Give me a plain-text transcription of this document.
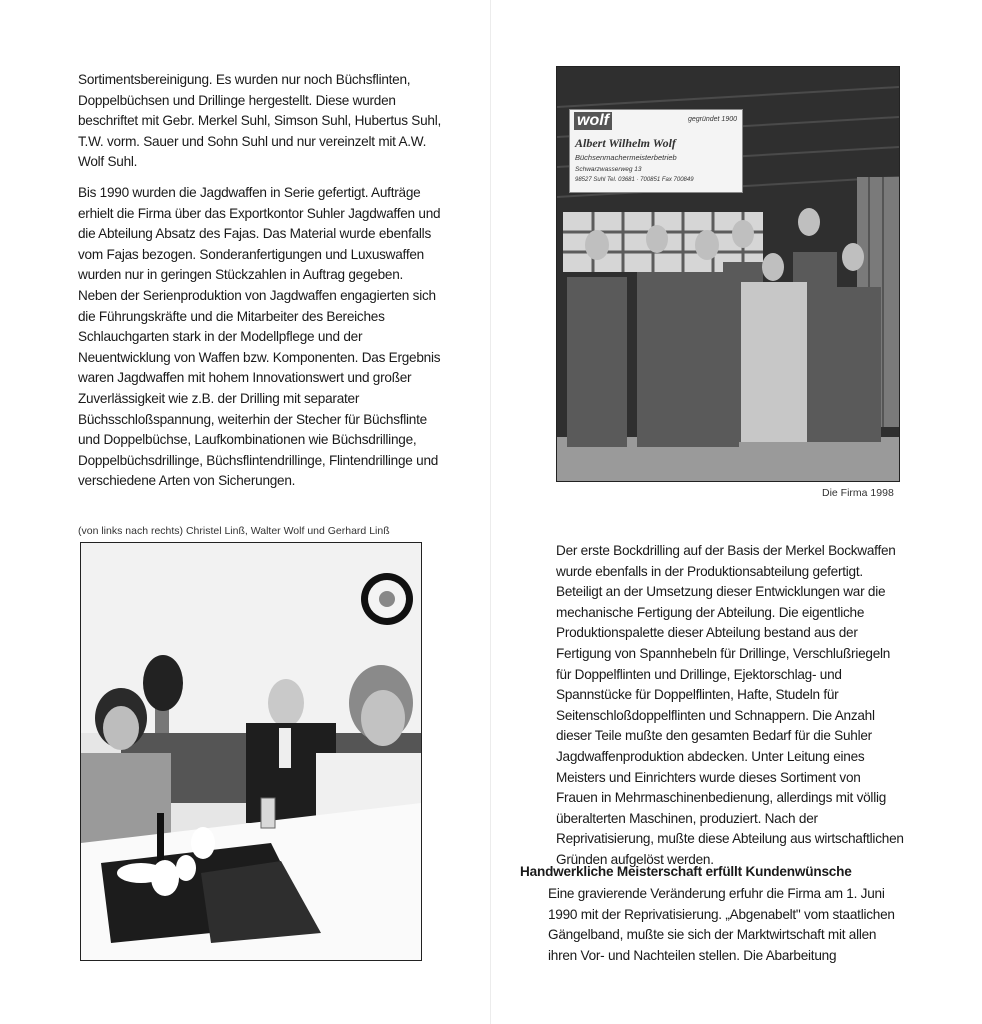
Sortimentsbereinigung. Es wurden nur noch Büchsflinten, Doppelbüchsen und Drillinge hergestellt. Diese wurden beschriftet mit Gebr. Merkel Suhl, Simson Suhl, Hubertus Suhl, T.W. vorm. Sauer und Sohn Suhl und nur vereinzelt mit A.W. Wolf Suhl.

Bis 1990 wurden die Jagdwaffen in Serie gefertigt. Aufträge erhielt die Firma über das Exportkontor Suhler Jagdwaffen und die Abteilung Absatz des Fajas. Das Material wurde ebenfalls vom Fajas bezogen. Sonderanfertigungen und Luxuswaffen wurden nur in geringen Stückzahlen in Auftrag gegeben. Neben der Serienproduktion von Jagdwaffen engagierten sich die Führungskräfte und die Mitarbeiter des Bereiches Schlauchgarten stark in der Modellpflege und der Neuentwicklung von Waffen bzw. Komponenten. Das Ergebnis waren Jagdwaffen mit hohem Innovationswert und großer Zuverlässigkeit wie z.B. der Drilling mit separater Büchsschloßspannung, weiterhin der Stecher für Büchsflinte und Doppelbüchse, Laufkombinationen wie Büchsdrillinge, Doppelbüchsdrillinge, Büchsflintendrillinge, Flintendrillinge und verschiedene Arten von Sicherungen.

(von links nach rechts) Christel Linß, Walter Wolf und Gerhard Linß
wolf	gegründet 1900
Albert Wilhelm Wolf
Büchsenmachermeisterbetrieb
Schwarzwasserweg 13
98527 Suhl Tel. 03681 · 700851 Fax 700849
Die Firma 1998

Der erste Bockdrilling auf der Basis der Merkel Bockwaffen wurde ebenfalls in der Produktionsabteilung gefertigt. Beteiligt an der Umsetzung dieser Entwicklungen war die mechanische Fertigung der Abteilung. Die eigentliche Produktionspalette dieser Abteilung bestand aus der Fertigung von Spannhebeln für Drillinge, Verschlußriegeln für Doppelflinten und Drillinge, Ejektorschlag- und Spannstücke für Doppelflinten, Hafte, Studeln für Seitenschloßdoppelflinten und Schnappern. Die Anzahl dieser Teile mußte den gesamten Bedarf für die Suhler Jagdwaffenproduktion abdecken. Unter Leitung eines Meisters und Einrichters wurde dieses Sortiment von Frauen in Mehrmaschinenbedienung, allerdings mit völlig überalterten Maschinen, produziert. Nach der Reprivatisierung, mußte diese Abteilung aus wirtschaftlichen Gründen aufgelöst werden.

Handwerkliche Meisterschaft erfüllt Kundenwünsche

Eine gravierende Veränderung erfuhr die Firma am 1. Juni 1990 mit der Reprivatisierung. „Abgenabelt" vom staatlichen Gängelband, mußte sie sich der Marktwirtschaft mit allen ihren Vor- und Nachteilen stellen. Die Abarbeitung
